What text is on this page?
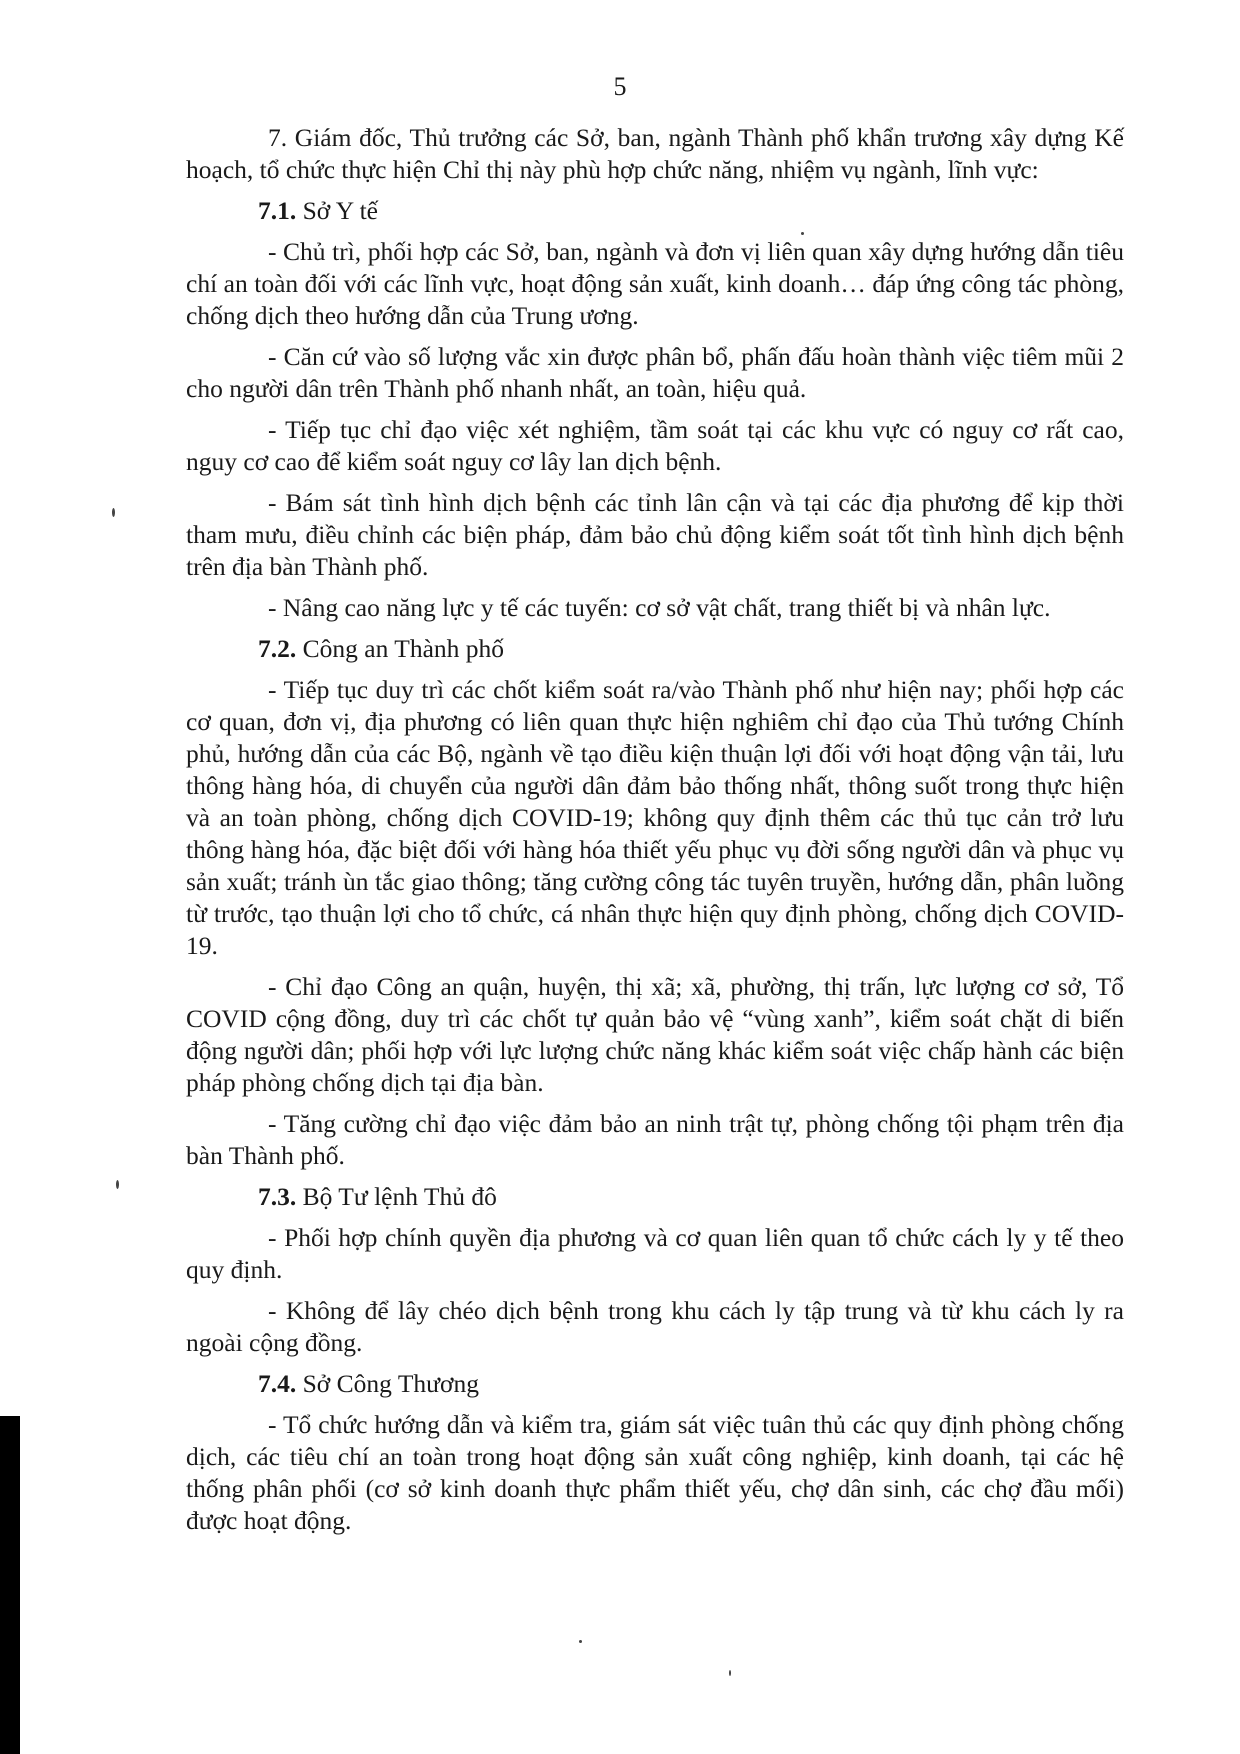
5

7. Giám đốc, Thủ trưởng các Sở, ban, ngành Thành phố khẩn trương xây dựng Kế hoạch, tổ chức thực hiện Chỉ thị này phù hợp chức năng, nhiệm vụ ngành, lĩnh vực:

7.1. Sở Y tế

- Chủ trì, phối hợp các Sở, ban, ngành và đơn vị liên quan xây dựng hướng dẫn tiêu chí an toàn đối với các lĩnh vực, hoạt động sản xuất, kinh doanh… đáp ứng công tác phòng, chống dịch theo hướng dẫn của Trung ương.

- Căn cứ vào số lượng vắc xin được phân bổ, phấn đấu hoàn thành việc tiêm mũi 2 cho người dân trên Thành phố nhanh nhất, an toàn, hiệu quả.

- Tiếp tục chỉ đạo việc xét nghiệm, tầm soát tại các khu vực có nguy cơ rất cao, nguy cơ cao để kiểm soát nguy cơ lây lan dịch bệnh.

- Bám sát tình hình dịch bệnh các tỉnh lân cận và tại các địa phương để kịp thời tham mưu, điều chỉnh các biện pháp, đảm bảo chủ động kiểm soát tốt tình hình dịch bệnh trên địa bàn Thành phố.

- Nâng cao năng lực y tế các tuyến: cơ sở vật chất, trang thiết bị và nhân lực.

7.2. Công an Thành phố

- Tiếp tục duy trì các chốt kiểm soát ra/vào Thành phố như hiện nay; phối hợp các cơ quan, đơn vị, địa phương có liên quan thực hiện nghiêm chỉ đạo của Thủ tướng Chính phủ, hướng dẫn của các Bộ, ngành về tạo điều kiện thuận lợi đối với hoạt động vận tải, lưu thông hàng hóa, di chuyển của người dân đảm bảo thống nhất, thông suốt trong thực hiện và an toàn phòng, chống dịch COVID-19; không quy định thêm các thủ tục cản trở lưu thông hàng hóa, đặc biệt đối với hàng hóa thiết yếu phục vụ đời sống người dân và phục vụ sản xuất; tránh ùn tắc giao thông; tăng cường công tác tuyên truyền, hướng dẫn, phân luồng từ trước, tạo thuận lợi cho tổ chức, cá nhân thực hiện quy định phòng, chống dịch COVID-19.

- Chỉ đạo Công an quận, huyện, thị xã; xã, phường, thị trấn, lực lượng cơ sở, Tổ COVID cộng đồng, duy trì các chốt tự quản bảo vệ “vùng xanh”, kiểm soát chặt di biến động người dân; phối hợp với lực lượng chức năng khác kiểm soát việc chấp hành các biện pháp phòng chống dịch tại địa bàn.

- Tăng cường chỉ đạo việc đảm bảo an ninh trật tự, phòng chống tội phạm trên địa bàn Thành phố.

7.3. Bộ Tư lệnh Thủ đô

- Phối hợp chính quyền địa phương và cơ quan liên quan tổ chức cách ly y tế theo quy định.

- Không để lây chéo dịch bệnh trong khu cách ly tập trung và từ khu cách ly ra ngoài cộng đồng.

7.4. Sở Công Thương

- Tổ chức hướng dẫn và kiểm tra, giám sát việc tuân thủ các quy định phòng chống dịch, các tiêu chí an toàn trong hoạt động sản xuất công nghiệp, kinh doanh, tại các hệ thống phân phối (cơ sở kinh doanh thực phẩm thiết yếu, chợ dân sinh, các chợ đầu mối) được hoạt động.
